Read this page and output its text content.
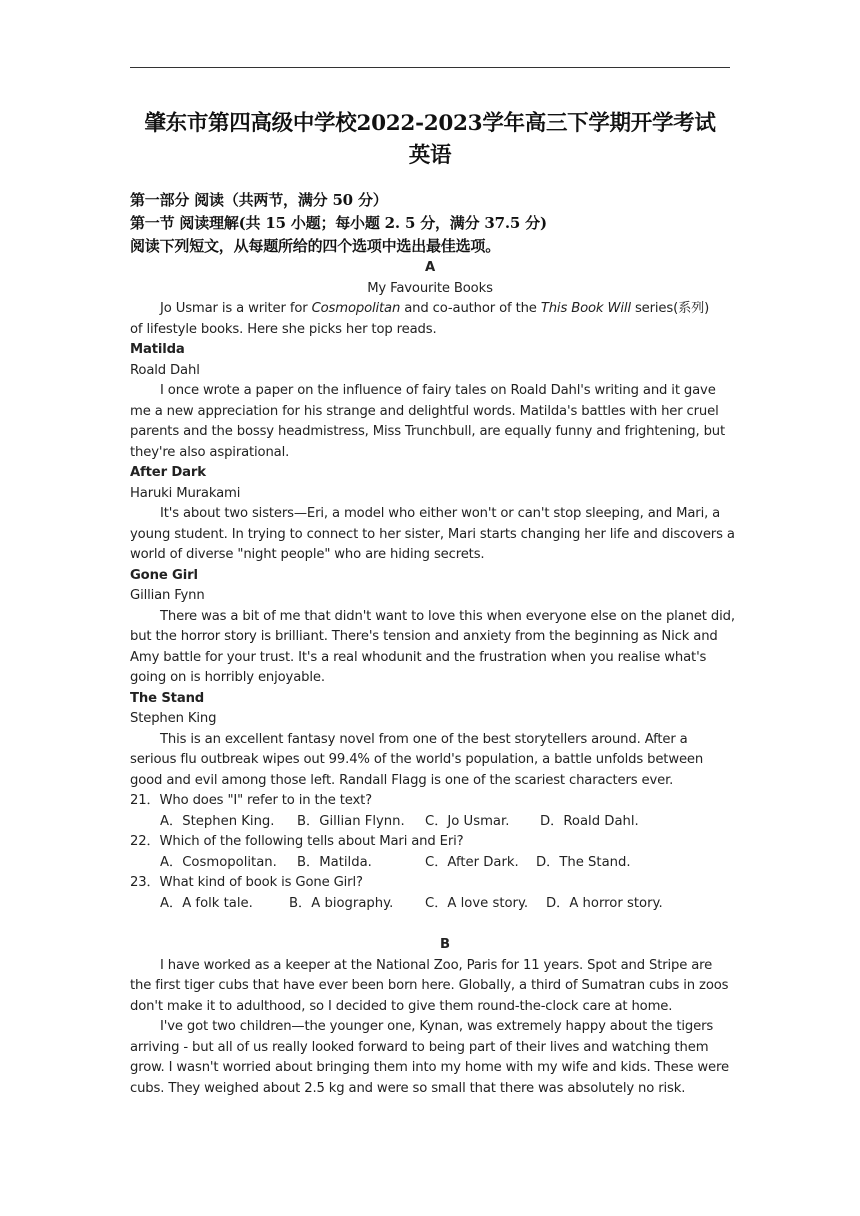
肇东市第四高级中学校2022-2023学年高三下学期开学考试
英语
第一部分 阅读（共两节，满分 50 分）
第一节 阅读理解(共 15 小题；每小题 2. 5 分，满分 37.5 分)
阅读下列短文，从每题所给的四个选项中选出最佳选项。
A
My Favourite Books
Jo Usmar is a writer for Cosmopolitan and co-author of the This Book Will series(系列)
of lifestyle books. Here she picks her top reads.
Matilda
Roald Dahl
I once wrote a paper on the influence of fairy tales on Roald Dahl's writing and it gave
me a new appreciation for his strange and delightful words. Matilda's battles with her cruel
parents and the bossy headmistress, Miss Trunchbull, are equally funny and frightening, but
they're also aspirational.
After Dark
Haruki Murakami
It's about two sisters—Eri, a model who either won't or can't stop sleeping, and Mari, a
young student. In trying to connect to her sister, Mari starts changing her life and discovers a
world of diverse "night people" who are hiding secrets.
Gone Girl
Gillian Fynn
There was a bit of me that didn't want to love this when everyone else on the planet did,
but the horror story is brilliant. There's tension and anxiety from the beginning as Nick and
Amy battle for your trust. It's a real whodunit and the frustration when you realise what's
going on is horribly enjoyable.
The Stand
Stephen King
This is an excellent fantasy novel from one of the best storytellers around. After a
serious flu outbreak wipes out 99.4% of the world's population, a battle unfolds between
good and evil among those left. Randall Flagg is one of the scariest characters ever.
21．Who does "I" refer to in the text?
A．Stephen King. B．Gillian Flynn. C．Jo Usmar. D．Roald Dahl.
22．Which of the following tells about Mari and Eri?
A．Cosmopolitan. B．Matilda.	C．After Dark. D．The Stand.
23．What kind of book is Gone Girl?
A．A folk tale.	B．A biography. C．A love story. D．A horror story.
B
I have worked as a keeper at the National Zoo, Paris for 11 years. Spot and Stripe are
the first tiger cubs that have ever been born here. Globally, a third of Sumatran cubs in zoos
don't make it to adulthood, so I decided to give them round-the-clock care at home.
I've got two children—the younger one, Kynan, was extremely happy about the tigers
arriving - but all of us really looked forward to being part of their lives and watching them
grow. I wasn't worried about bringing them into my home with my wife and kids. These were
cubs. They weighed about 2.5 kg and were so small that there was absolutely no risk.
